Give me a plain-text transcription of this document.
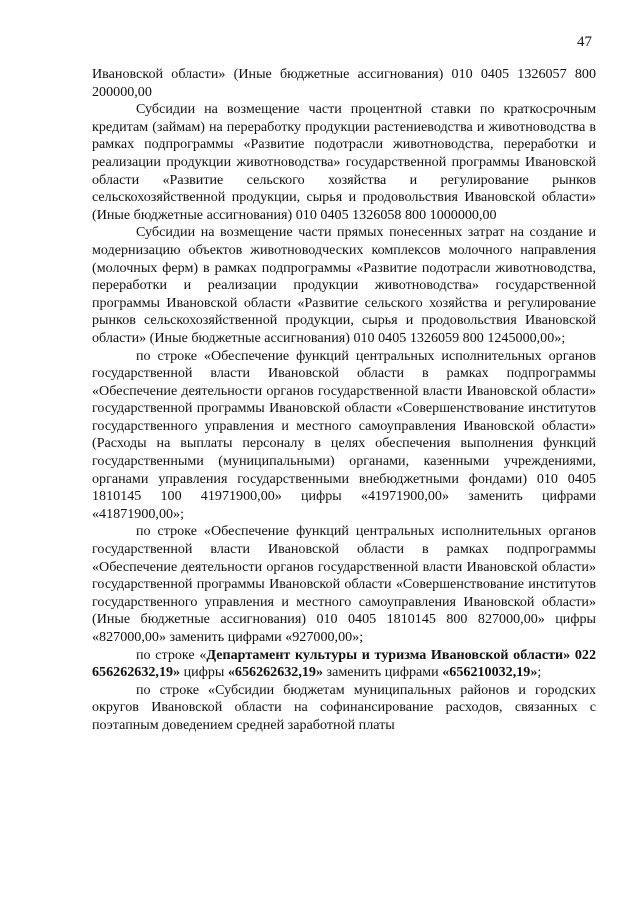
47

Ивановской области» (Иные бюджетные ассигнования) 010 0405 1326057 800 200000,00

Субсидии на возмещение части процентной ставки по краткосрочным кредитам (займам) на переработку продукции растениеводства и животноводства в рамках подпрограммы «Развитие подотрасли животноводства, переработки и реализации продукции животноводства» государственной программы Ивановской области «Развитие сельского хозяйства и регулирование рынков сельскохозяйственной продукции, сырья и продовольствия Ивановской области» (Иные бюджетные ассигнования) 010 0405 1326058 800 1000000,00

Субсидии на возмещение части прямых понесенных затрат на создание и модернизацию объектов животноводческих комплексов молочного направления (молочных ферм) в рамках подпрограммы «Развитие подотрасли животноводства, переработки и реализации продукции животноводства» государственной программы Ивановской области «Развитие сельского хозяйства и регулирование рынков сельскохозяйственной продукции, сырья и продовольствия Ивановской области» (Иные бюджетные ассигнования) 010 0405 1326059 800 1245000,00»;

по строке «Обеспечение функций центральных исполнительных органов государственной власти Ивановской области в рамках подпрограммы «Обеспечение деятельности органов государственной власти Ивановской области» государственной программы Ивановской области «Совершенствование институтов государственного управления и местного самоуправления Ивановской области» (Расходы на выплаты персоналу в целях обеспечения выполнения функций государственными (муниципальными) органами, казенными учреждениями, органами управления государственными внебюджетными фондами) 010 0405 1810145 100 41971900,00» цифры «41971900,00» заменить цифрами «41871900,00»;

по строке «Обеспечение функций центральных исполнительных органов государственной власти Ивановской области в рамках подпрограммы «Обеспечение деятельности органов государственной власти Ивановской области» государственной программы Ивановской области «Совершенствование институтов государственного управления и местного самоуправления Ивановской области» (Иные бюджетные ассигнования) 010 0405 1810145 800 827000,00» цифры «827000,00» заменить цифрами «927000,00»;

по строке «Департамент культуры и туризма Ивановской области» 022 656262632,19» цифры «656262632,19» заменить цифрами «656210032,19»;

по строке «Субсидии бюджетам муниципальных районов и городских округов Ивановской области на софинансирование расходов, связанных с поэтапным доведением средней заработной платы
